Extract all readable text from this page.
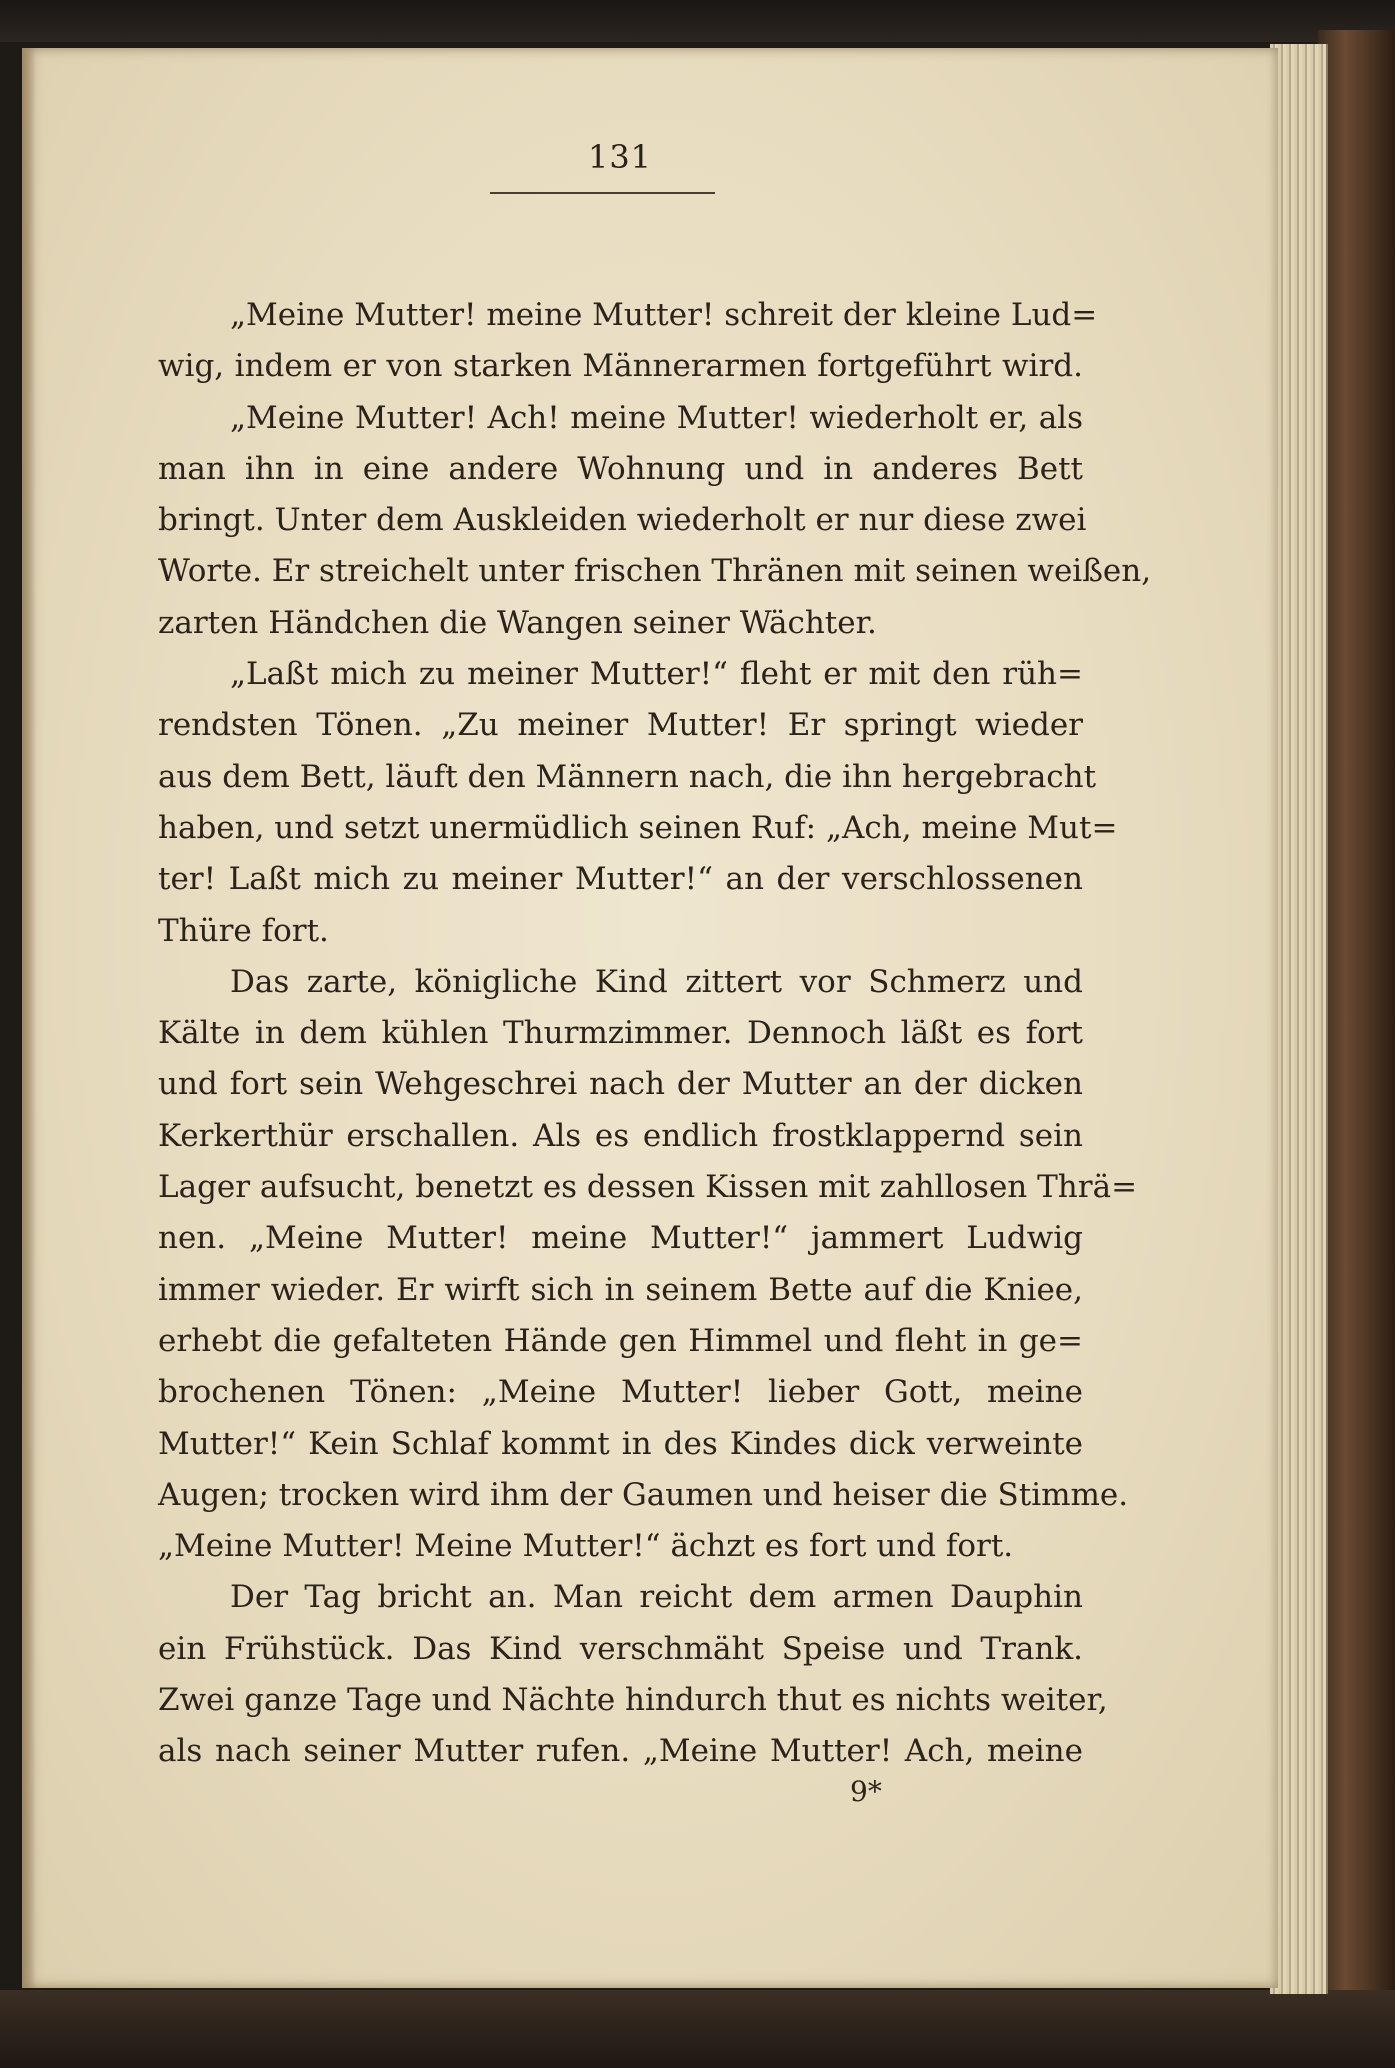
131
„Meine Mutter! meine Mutter! schreit der kleine Lud=
wig, indem er von starken Männerarmen fortgeführt wird.
„Meine Mutter! Ach! meine Mutter! wiederholt er, als
man ihn in eine andere Wohnung und in anderes Bett
bringt. Unter dem Auskleiden wiederholt er nur diese zwei
Worte. Er streichelt unter frischen Thränen mit seinen weißen,
zarten Händchen die Wangen seiner Wächter.
„Laßt mich zu meiner Mutter!“ fleht er mit den rüh=
rendsten Tönen. „Zu meiner Mutter! Er springt wieder
aus dem Bett, läuft den Männern nach, die ihn hergebracht
haben, und setzt unermüdlich seinen Ruf: „Ach, meine Mut=
ter! Laßt mich zu meiner Mutter!“ an der verschlossenen
Thüre fort.
Das zarte, königliche Kind zittert vor Schmerz und
Kälte in dem kühlen Thurmzimmer. Dennoch läßt es fort
und fort sein Wehgeschrei nach der Mutter an der dicken
Kerkerthür erschallen. Als es endlich frostklappernd sein
Lager aufsucht, benetzt es dessen Kissen mit zahllosen Thrä=
nen. „Meine Mutter! meine Mutter!“ jammert Ludwig
immer wieder. Er wirft sich in seinem Bette auf die Kniee,
erhebt die gefalteten Hände gen Himmel und fleht in ge=
brochenen Tönen: „Meine Mutter! lieber Gott, meine
Mutter!“ Kein Schlaf kommt in des Kindes dick verweinte
Augen; trocken wird ihm der Gaumen und heiser die Stimme.
„Meine Mutter! Meine Mutter!“ ächzt es fort und fort.
Der Tag bricht an. Man reicht dem armen Dauphin
ein Frühstück. Das Kind verschmäht Speise und Trank.
Zwei ganze Tage und Nächte hindurch thut es nichts weiter,
als nach seiner Mutter rufen. „Meine Mutter! Ach, meine
9*
